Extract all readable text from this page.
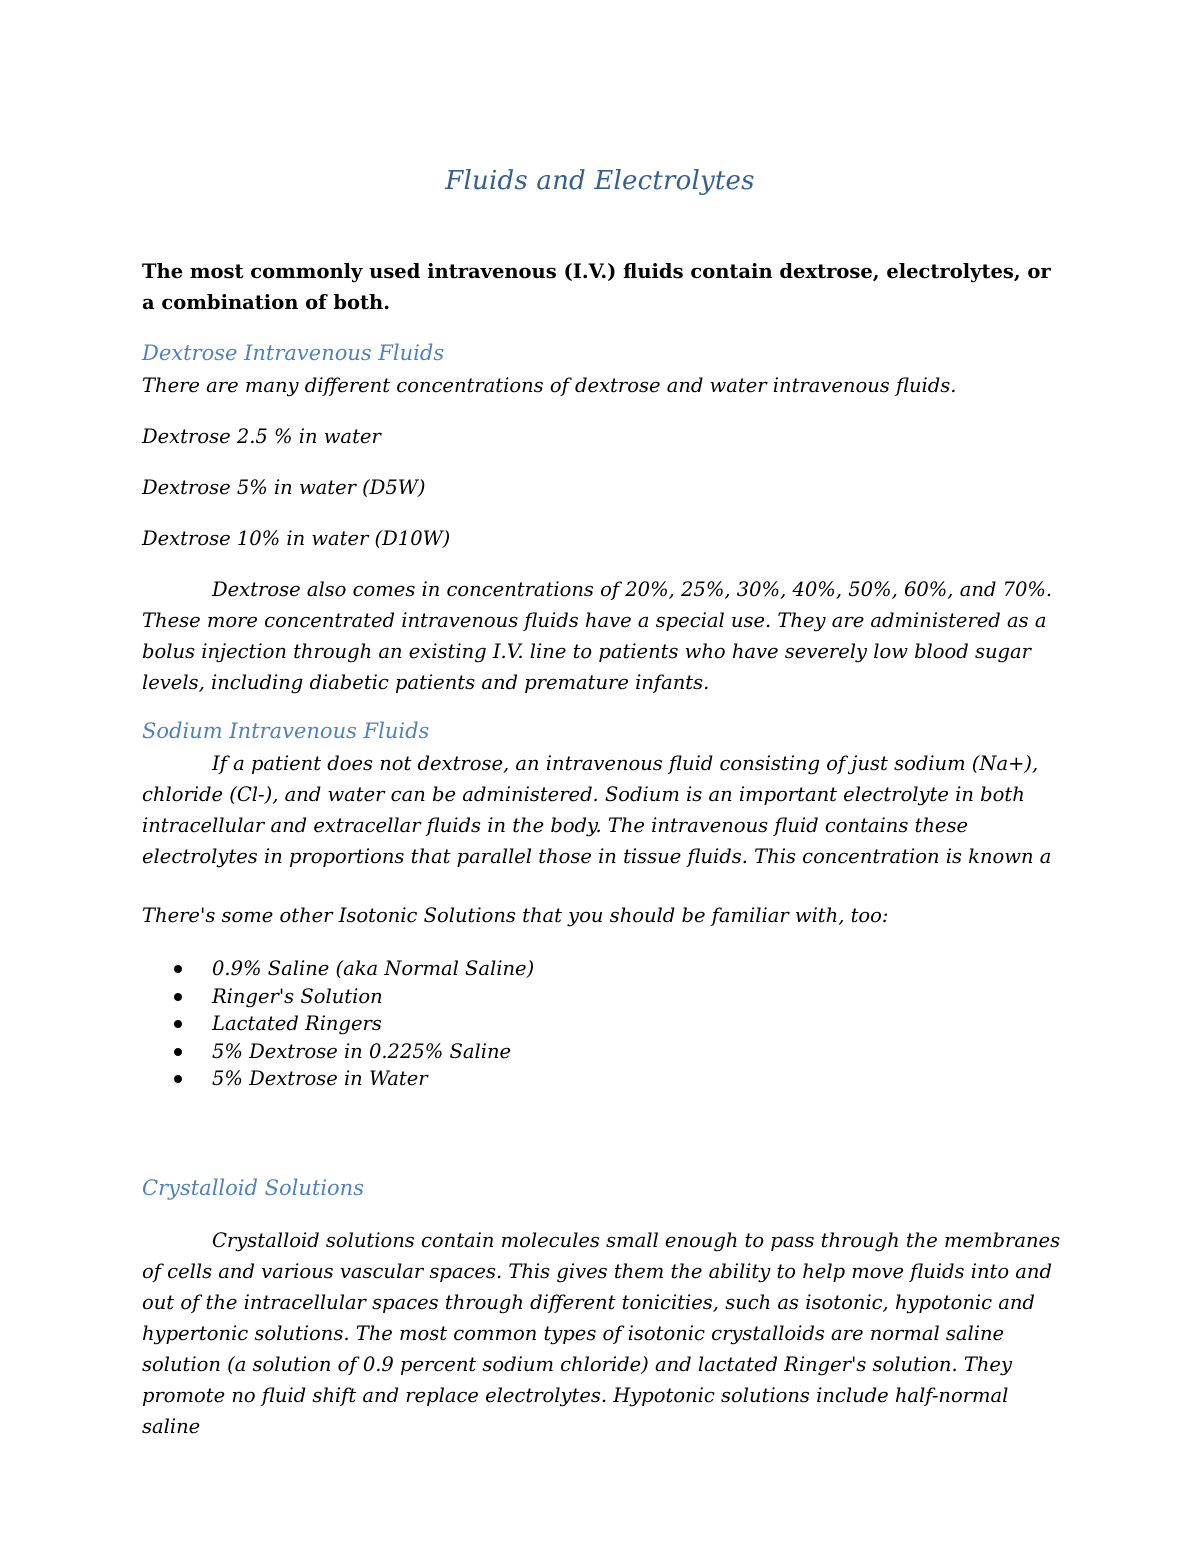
Fluids and Electrolytes

The most commonly used intravenous (I.V.) fluids contain dextrose, electrolytes, or a combination of both.

Dextrose Intravenous Fluids

There are many different concentrations of dextrose and water intravenous fluids.

Dextrose 2.5 % in water

Dextrose 5% in water (D5W)

Dextrose 10% in water (D10W)

Dextrose also comes in concentrations of 20%, 25%, 30%, 40%, 50%, 60%, and 70%. These more concentrated intravenous fluids have a special use. They are administered as a bolus injection through an existing I.V. line to patients who have severely low blood sugar levels, including diabetic patients and premature infants.

Sodium Intravenous Fluids

If a patient does not dextrose, an intravenous fluid consisting of just sodium (Na+), chloride (Cl-), and water can be administered. Sodium is an important electrolyte in both intracellular and extracellar fluids in the body. The intravenous fluid contains these electrolytes in proportions that parallel those in tissue fluids. This concentration is known a

There's some other Isotonic Solutions that you should be familiar with, too:

0.9% Saline (aka Normal Saline)
Ringer's Solution
Lactated Ringers
5% Dextrose in 0.225% Saline
5% Dextrose in Water
Crystalloid Solutions

Crystalloid solutions contain molecules small enough to pass through the membranes of cells and various vascular spaces. This gives them the ability to help move fluids into and out of the intracellular spaces through different tonicities, such as isotonic, hypotonic and hypertonic solutions. The most common types of isotonic crystalloids are normal saline solution (a solution of 0.9 percent sodium chloride) and lactated Ringer's solution. They promote no fluid shift and replace electrolytes. Hypotonic solutions include half-normal saline
